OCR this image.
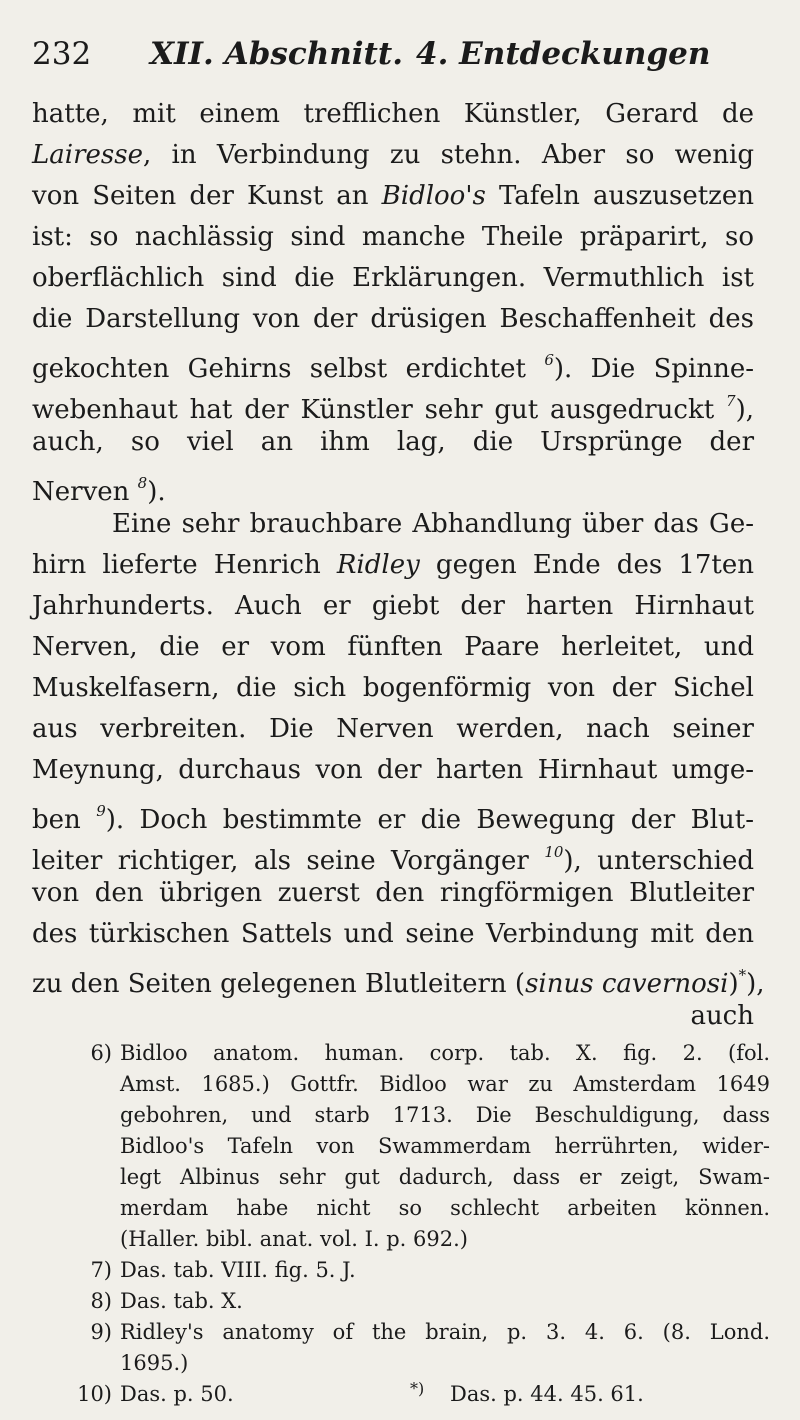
232 XII. Abschnitt. 4. Entdeckungen
hatte, mit einem trefflichen Künstler, Gerard de
Lairesse, in Verbindung zu stehn. Aber so wenig
von Seiten der Kunst an Bidloo's Tafeln auszusetzen
ist: so nachlässig sind manche Theile präparirt, so
oberflächlich sind die Erklärungen. Vermuthlich ist
die Darstellung von der drüsigen Beschaffenheit des
gekochten Gehirns selbst erdichtet $^6$). Die Spinne-
webenhaut hat der Künstler sehr gut ausgedruckt $^7$),
auch, so viel an ihm lag, die Ursprünge der
Nerven $^8$).
Eine sehr brauchbare Abhandlung über das Ge-
hirn lieferte Henrich Ridley gegen Ende des 17ten
Jahrhunderts. Auch er giebt der harten Hirnhaut
Nerven, die er vom fünften Paare herleitet, und
Muskelfasern, die sich bogenförmig von der Sichel
aus verbreiten. Die Nerven werden, nach seiner
Meynung, durchaus von der harten Hirnhaut umge-
ben $^9$). Doch bestimmte er die Bewegung der Blut-
leiter richtiger, als seine Vorgänger $^{10}$), unterschied
von den übrigen zuerst den ringförmigen Blutleiter
des türkischen Sattels und seine Verbindung mit den
zu den Seiten gelegenen Blutleitern (sinus cavernosi)*),
auch
6) Bidloo anatom. human. corp. tab. X. fig. 2. (fol.
Amst. 1685.) Gottfr. Bidloo war zu Amsterdam 1649
gebohren, und starb 1713. Die Beschuldigung, dass
Bidloo's Tafeln von Swammerdam herrührten, wider-
legt Albinus sehr gut dadurch, dass er zeigt, Swam-
merdam habe nicht so schlecht arbeiten können.
(Haller. bibl. anat. vol. I. p. 692.)
7) Das. tab. VIII. fig. 5. J.
8) Das. tab. X.
9) Ridley's anatomy of the brain, p. 3. 4. 6. (8. Lond.
1695.)
10) Das. p. 50.	*)	Das. p. 44. 45. 61.
